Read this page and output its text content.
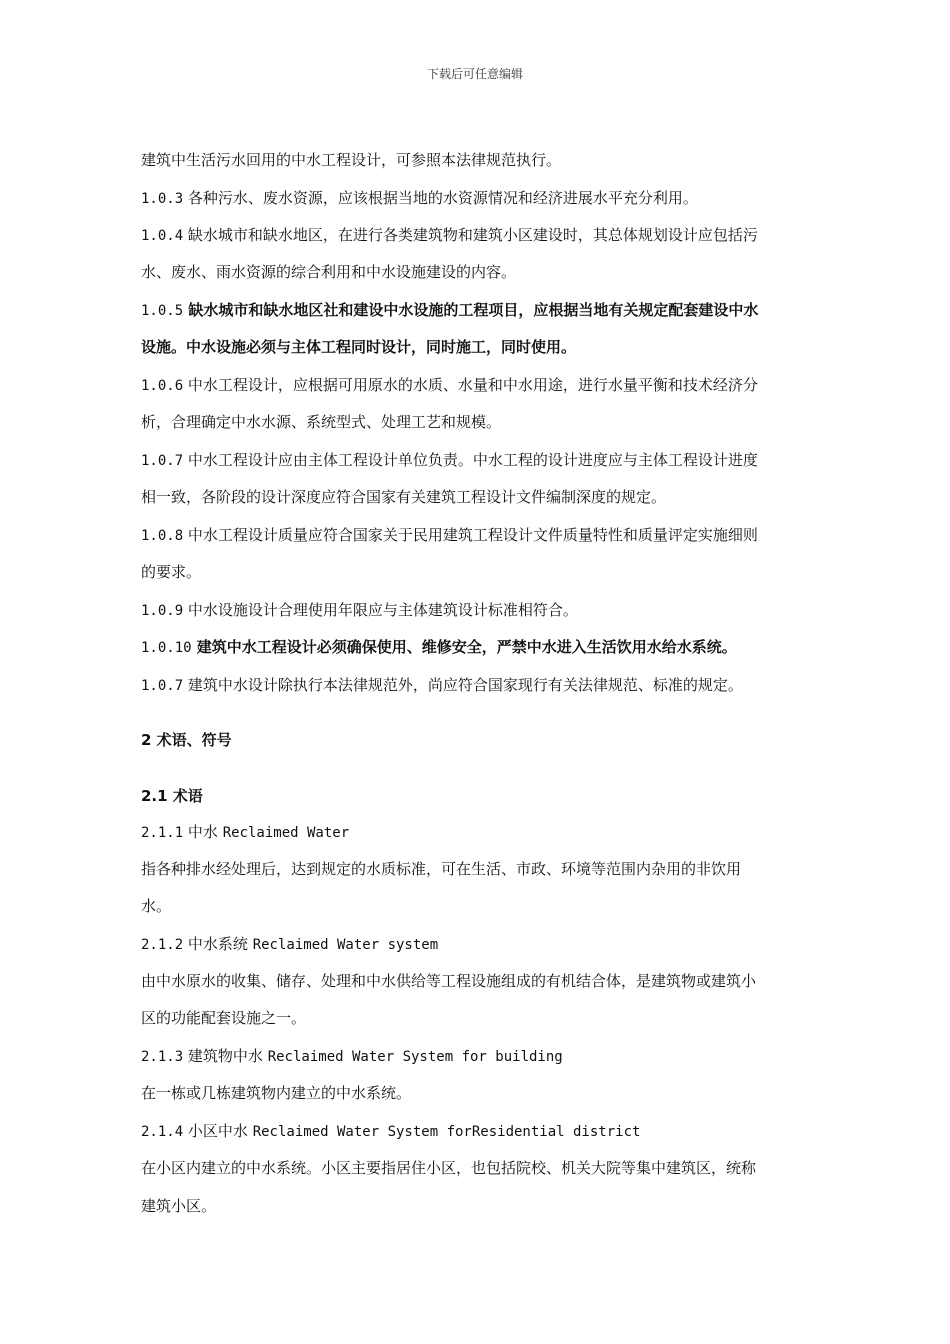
下载后可任意编辑
建筑中生活污水回用的中水工程设计，可参照本法律规范执行。
1.0.3 各种污水、废水资源，应该根据当地的水资源情况和经济进展水平充分利用。
1.0.4 缺水城市和缺水地区，在进行各类建筑物和建筑小区建设时，其总体规划设计应包括污
水、废水、雨水资源的综合利用和中水设施建设的内容。
1.0.5 缺水城市和缺水地区社和建设中水设施的工程项目，应根据当地有关规定配套建设中水
设施。中水设施必须与主体工程同时设计，同时施工，同时使用。
1.0.6 中水工程设计，应根据可用原水的水质、水量和中水用途，进行水量平衡和技术经济分
析，合理确定中水水源、系统型式、处理工艺和规模。
1.0.7 中水工程设计应由主体工程设计单位负责。中水工程的设计进度应与主体工程设计进度
相一致，各阶段的设计深度应符合国家有关建筑工程设计文件编制深度的规定。
1.0.8 中水工程设计质量应符合国家关于民用建筑工程设计文件质量特性和质量评定实施细则
的要求。
1.0.9 中水设施设计合理使用年限应与主体建筑设计标准相符合。
1.0.10 建筑中水工程设计必须确保使用、维修安全，严禁中水进入生活饮用水给水系统。
1.0.7 建筑中水设计除执行本法律规范外，尚应符合国家现行有关法律规范、标准的规定。
2 术语、符号
2.1 术语
2.1.1 中水 Reclaimed Water
指各种排水经处理后，达到规定的水质标准，可在生活、市政、环境等范围内杂用的非饮用
水。
2.1.2 中水系统 Reclaimed Water system
由中水原水的收集、储存、处理和中水供给等工程设施组成的有机结合体，是建筑物或建筑小
区的功能配套设施之一。
2.1.3 建筑物中水 Reclaimed Water System for building
在一栋或几栋建筑物内建立的中水系统。
2.1.4 小区中水 Reclaimed Water System forResidential district
在小区内建立的中水系统。小区主要指居住小区，也包括院校、机关大院等集中建筑区，统称
建筑小区。
